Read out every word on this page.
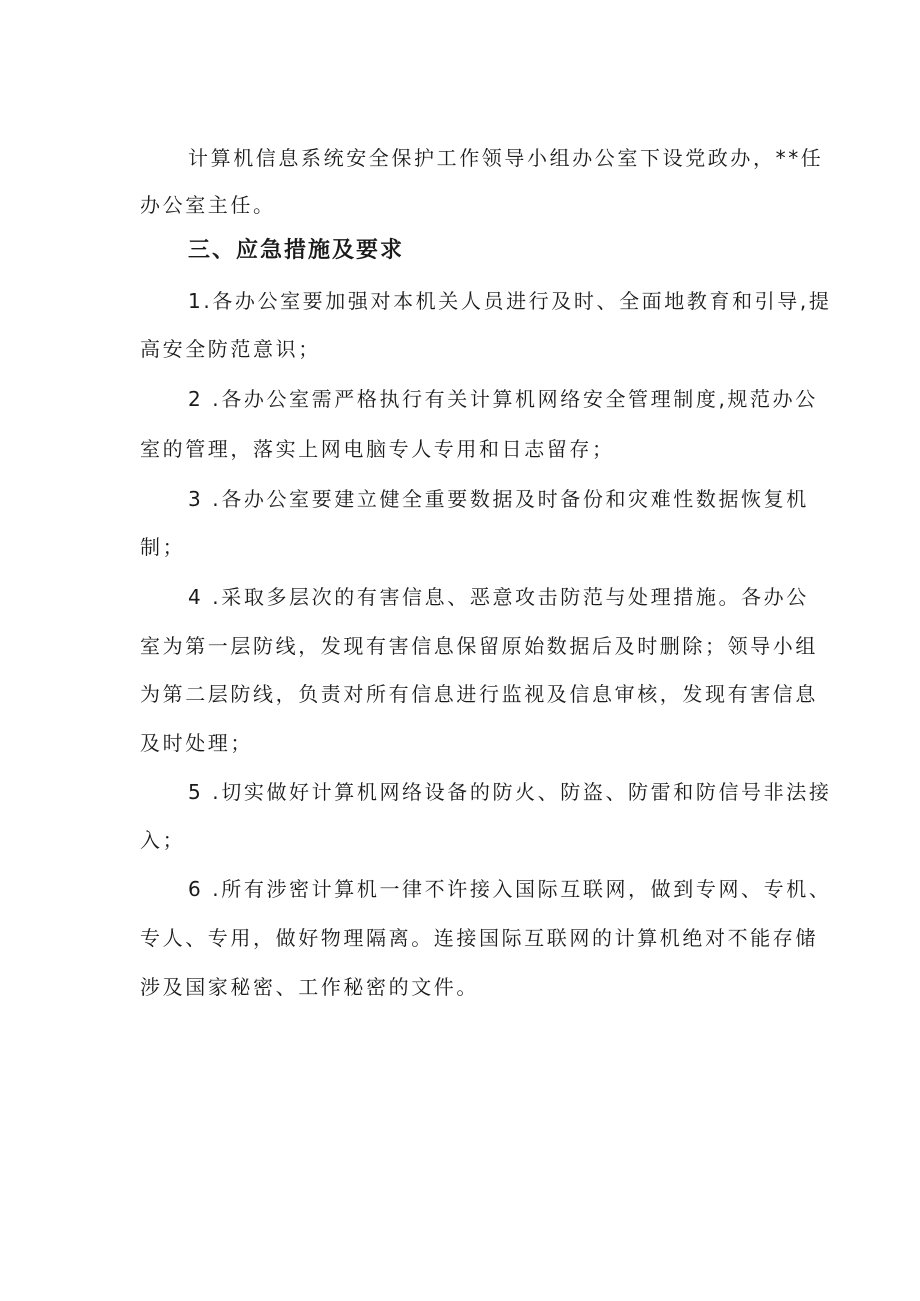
计算机信息系统安全保护工作领导小组办公室下设党政办，**任
办公室主任。
三、应急措施及要求
1.各办公室要加强对本机关人员进行及时、全面地教育和引导,提
高安全防范意识；
2 .各办公室需严格执行有关计算机网络安全管理制度,规范办公
室的管理，落实上网电脑专人专用和日志留存；
3 .各办公室要建立健全重要数据及时备份和灾难性数据恢复机
制；
4 .采取多层次的有害信息、恶意攻击防范与处理措施。各办公
室为第一层防线，发现有害信息保留原始数据后及时删除；领导小组
为第二层防线，负责对所有信息进行监视及信息审核，发现有害信息
及时处理；
5 .切实做好计算机网络设备的防火、防盗、防雷和防信号非法接
入；
6 .所有涉密计算机一律不许接入国际互联网，做到专网、专机、
专人、专用，做好物理隔离。连接国际互联网的计算机绝对不能存储
涉及国家秘密、工作秘密的文件。
